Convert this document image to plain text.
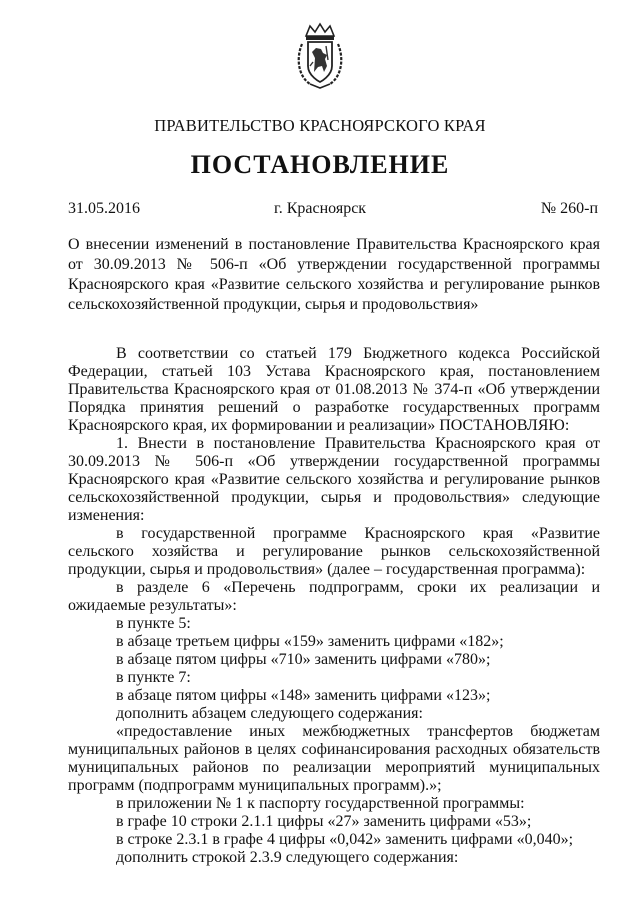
ПРАВИТЕЛЬСТВО КРАСНОЯРСКОГО КРАЯ
ПОСТАНОВЛЕНИЕ
31.05.2016	г. Красноярск	№ 260-п
О внесении изменений в постановление Правительства Красноярского края от 30.09.2013 № 506-п «Об утверждении государственной программы Красноярского края «Развитие сельского хозяйства и регулирование рынков сельскохозяйственной продукции, сырья и продовольствия»

В соответствии со статьей 179 Бюджетного кодекса Российской Федерации, статьей 103 Устава Красноярского края, постановлением Правительства Красноярского края от 01.08.2013 № 374-п «Об утверждении Порядка принятия решений о разработке государственных программ Красноярского края, их формировании и реализации» ПОСТАНОВЛЯЮ:

1. Внести в постановление Правительства Красноярского края от 30.09.2013 № 506-п «Об утверждении государственной программы Красноярского края «Развитие сельского хозяйства и регулирование рынков сельскохозяйственной продукции, сырья и продовольствия» следующие изменения:

в государственной программе Красноярского края «Развитие сельского хозяйства и регулирование рынков сельскохозяйственной продукции, сырья и продовольствия» (далее – государственная программа):

в разделе 6 «Перечень подпрограмм, сроки их реализации и ожидаемые результаты»:

в пункте 5:

в абзаце третьем цифры «159» заменить цифрами «182»;

в абзаце пятом цифры «710» заменить цифрами «780»;

в пункте 7:

в абзаце пятом цифры «148» заменить цифрами «123»;

дополнить абзацем следующего содержания:

«предоставление иных межбюджетных трансфертов бюджетам муниципальных районов в целях софинансирования расходных обязательств муниципальных районов по реализации мероприятий муниципальных программ (подпрограмм муниципальных программ).»;

в приложении № 1 к паспорту государственной программы:

в графе 10 строки 2.1.1 цифры «27» заменить цифрами «53»;

в строке 2.3.1 в графе 4 цифры «0,042» заменить цифрами «0,040»;

дополнить строкой 2.3.9 следующего содержания:
